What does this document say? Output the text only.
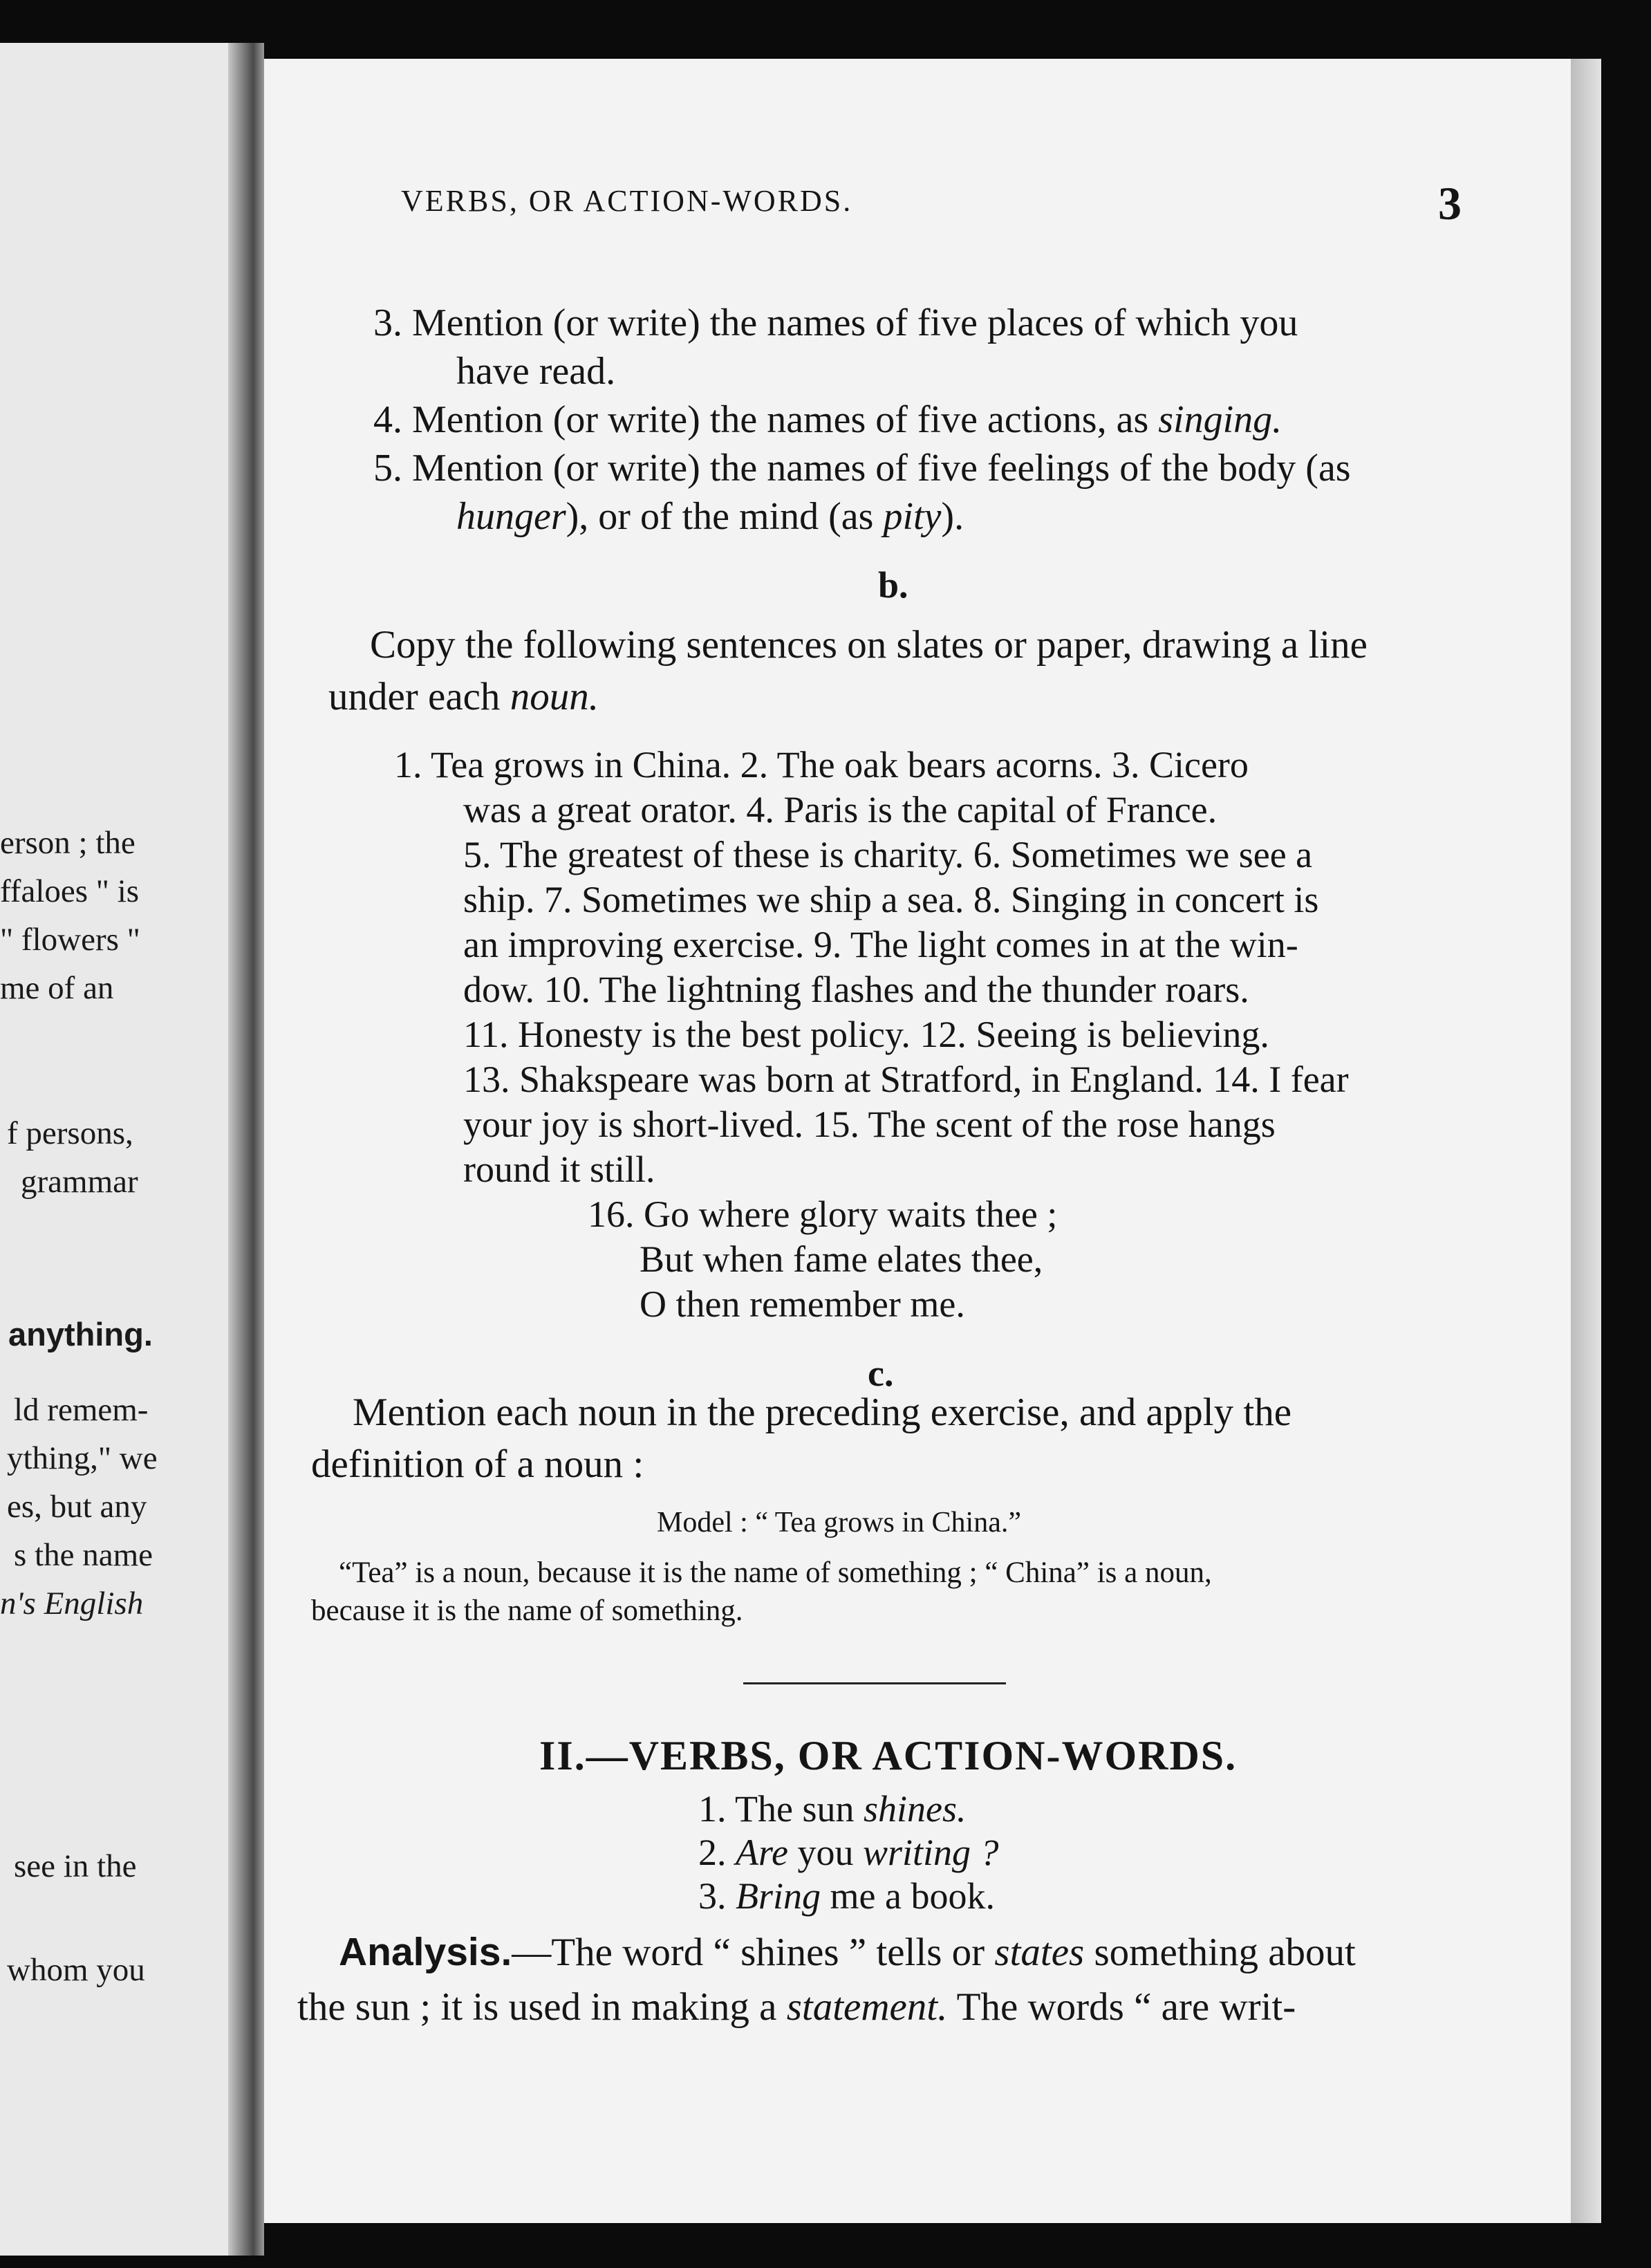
erson ; the
ffaloes " is
" flowers "
me of an
f persons,
grammar
anything.
ld remem-
ything," we
es, but any
s the name
n's English
see in the
whom you
VERBS, OR ACTION-WORDS.	3
3. Mention (or write) the names of five places of which you
have read.
4. Mention (or write) the names of five actions, as singing.
5. Mention (or write) the names of five feelings of the body (as
hunger), or of the mind (as pity).
b.
Copy the following sentences on slates or paper, drawing a line
under each noun.
1. Tea grows in China. 2. The oak bears acorns. 3. Cicero
was a great orator. 4. Paris is the capital of France.
5. The greatest of these is charity. 6. Sometimes we see a
ship. 7. Sometimes we ship a sea. 8. Singing in concert is
an improving exercise. 9. The light comes in at the win-
dow. 10. The lightning flashes and the thunder roars.
11. Honesty is the best policy. 12. Seeing is believing.
13. Shakspeare was born at Stratford, in England. 14. I fear
your joy is short-lived. 15. The scent of the rose hangs
round it still.
16. Go where glory waits thee ;
But when fame elates thee,
O then remember me.
c.
Mention each noun in the preceding exercise, and apply the
definition of a noun :
Model : “ Tea grows in China.”
“Tea” is a noun, because it is the name of something ; “ China” is a noun,
because it is the name of something.
II.—VERBS, OR ACTION-WORDS.
1. The sun shines.
2. Are you writing ?
3. Bring me a book.
Analysis.—The word “ shines ” tells or states something about
the sun ; it is used in making a statement. The words “ are writ-
